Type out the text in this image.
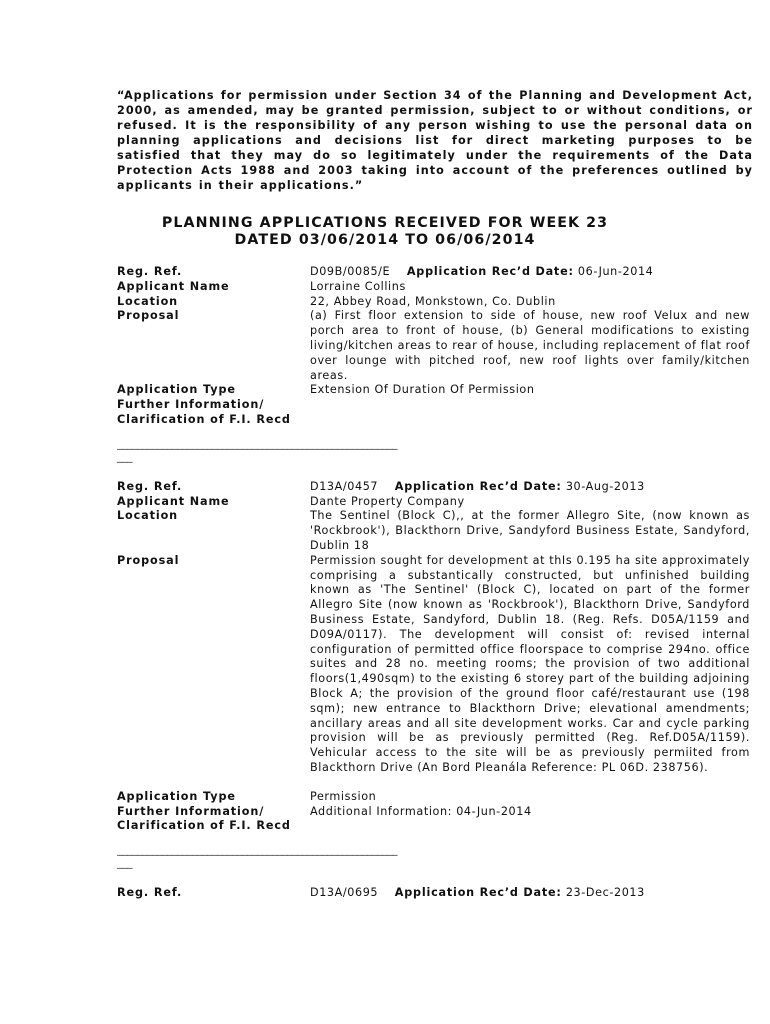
“Applications for permission under Section 34 of the Planning and Development Act, 2000, as amended, may be granted permission, subject to or without conditions, or refused. It is the responsibility of any person wishing to use the personal data on planning applications and decisions list for direct marketing purposes to be satisfied that they may do so legitimately under the requirements of the Data Protection Acts 1988 and 2003 taking into account of the preferences outlined by applicants in their applications.”

PLANNING APPLICATIONS RECEIVED FOR WEEK 23
DATED 03/06/2014 TO 06/06/2014
Reg. Ref.	D09B/0085/E Application Rec’d Date: 06-Jun-2014
Applicant Name	Lorraine Collins
Location	22, Abbey Road, Monkstown, Co. Dublin
Proposal	(a) First floor extension to side of house, new roof Velux and new porch area to front of house, (b) General modifications to existing living/kitchen areas to rear of house, including replacement of flat roof over lounge with pitched roof, new roof lights over family/kitchen areas.
Application Type	Extension Of Duration Of Permission
Further Information/
Clarification of F.I. Recd
________________________________________________________
___
Reg. Ref.	D13A/0457 Application Rec’d Date: 30-Aug-2013
Applicant Name	Dante Property Company
Location	The Sentinel (Block C),, at the former Allegro Site, (now known as 'Rockbrook'), Blackthorn Drive, Sandyford Business Estate, Sandyford, Dublin 18
Proposal	Permission sought for development at thIs 0.195 ha site approximately comprising a substantically constructed, but unfinished building known as 'The Sentinel' (Block C), located on part of the former Allegro Site (now known as 'Rockbrook'), Blackthorn Drive, Sandyford Business Estate, Sandyford, Dublin 18. (Reg. Refs. D05A/1159 and D09A/0117). The development will consist of: revised internal configuration of permitted office floorspace to comprise 294no. office suites and 28 no. meeting rooms; the provision of two additional floors(1,490sqm) to the existing 6 storey part of the building adjoining Block A; the provision of the ground floor café/restaurant use (198 sqm); new entrance to Blackthorn Drive; elevational amendments; ancillary areas and all site development works. Car and cycle parking provision will be as previously permitted (Reg. Ref.D05A/1159). Vehicular access to the site will be as previously permiited from Blackthorn Drive (An Bord Pleanála Reference: PL 06D. 238756).
Application Type	Permission
Further Information/	Additional Information: 04-Jun-2014
Clarification of F.I. Recd
________________________________________________________
___
Reg. Ref.	D13A/0695 Application Rec’d Date: 23-Dec-2013
